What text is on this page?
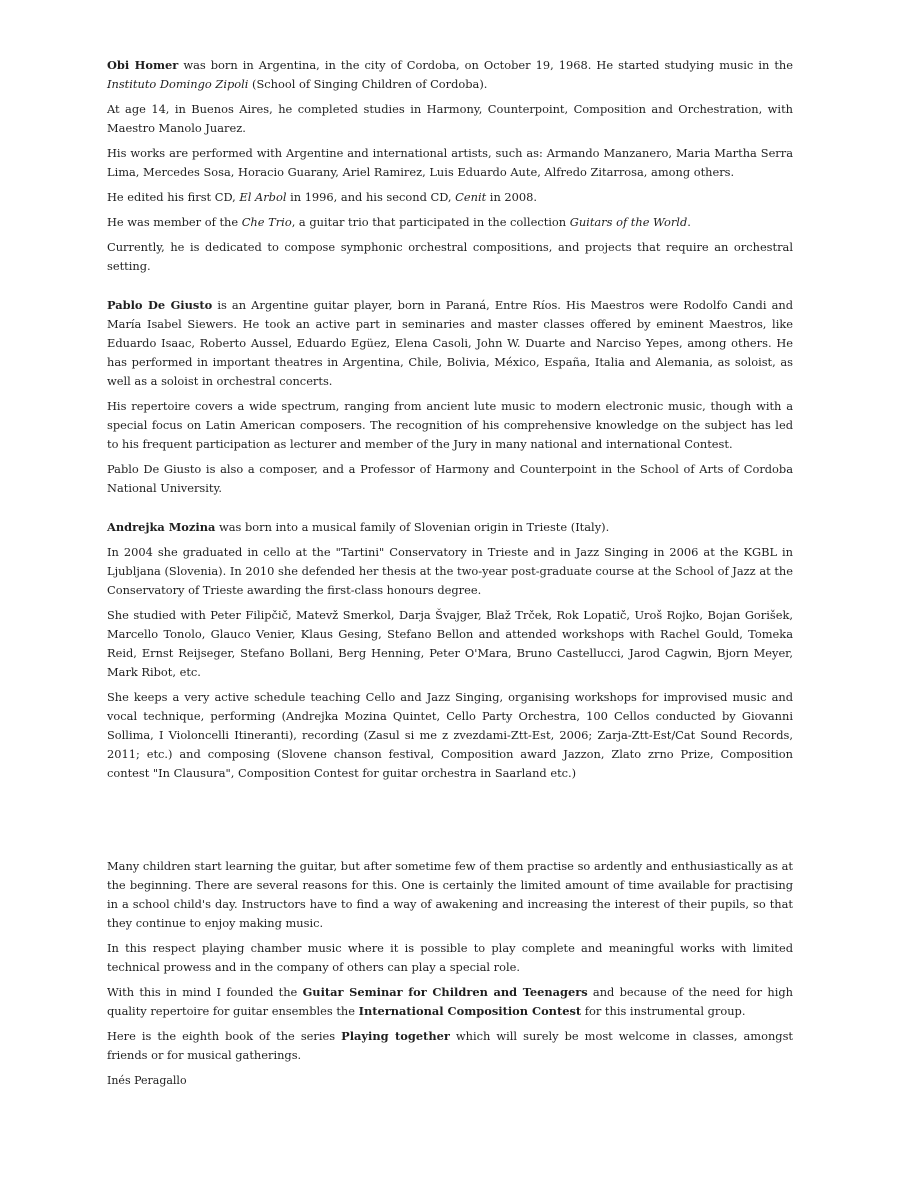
Obi Homer was born in Argentina, in the city of Cordoba, on October 19, 1968. He started studying music in the Instituto Domingo Zipoli (School of Singing Children of Cordoba).

At age 14, in Buenos Aires, he completed studies in Harmony, Counterpoint, Composition and Orchestration, with Maestro Manolo Juarez.

His works are performed with Argentine and international artists, such as: Armando Manzanero, Maria Martha Serra Lima, Mercedes Sosa, Horacio Guarany, Ariel Ramirez, Luis Eduardo Aute, Alfredo Zitarrosa, among others.

He edited his first CD, El Arbol in 1996, and his second CD, Cenit in 2008.

He was member of the Che Trio, a guitar trio that participated in the collection Guitars of the World.

Currently, he is dedicated to compose symphonic orchestral compositions, and projects that require an orchestral setting.

Pablo De Giusto is an Argentine guitar player, born in Paraná, Entre Ríos. His Maestros were Rodolfo Candi and María Isabel Siewers. He took an active part in seminaries and master classes offered by eminent Maestros, like Eduardo Isaac, Roberto Aussel, Eduardo Egüez, Elena Casoli, John W. Duarte and Narciso Yepes, among others. He has performed in important theatres in Argentina, Chile, Bolivia, México, España, Italia and Alemania, as soloist, as well as a soloist in orchestral concerts.

His repertoire covers a wide spectrum, ranging from ancient lute music to modern electronic music, though with a special focus on Latin American composers. The recognition of his comprehensive knowledge on the subject has led to his frequent participation as lecturer and member of the Jury in many national and international Contest.

Pablo De Giusto is also a composer, and a Professor of Harmony and Counterpoint in the School of Arts of Cordoba National University.

Andrejka Mozina was born into a musical family of Slovenian origin in Trieste (Italy).

In 2004 she graduated in cello at the "Tartini" Conservatory in Trieste and in Jazz Singing in 2006 at the KGBL in Ljubljana (Slovenia). In 2010 she defended her thesis at the two-year post-graduate course at the School of Jazz at the Conservatory of Trieste awarding the first-class honours degree.

She studied with Peter Filipčič, Matevž Smerkol, Darja Švajger, Blaž Trček, Rok Lopatič, Uroš Rojko, Bojan Gorišek, Marcello Tonolo, Glauco Venier, Klaus Gesing, Stefano Bellon and attended workshops with Rachel Gould, Tomeka Reid, Ernst Reijseger, Stefano Bollani, Berg Henning, Peter O'Mara, Bruno Castellucci, Jarod Cagwin, Bjorn Meyer, Mark Ribot, etc.

She keeps a very active schedule teaching Cello and Jazz Singing, organising workshops for improvised music and vocal technique, performing (Andrejka Mozina Quintet, Cello Party Orchestra, 100 Cellos conducted by Giovanni Sollima, I Violoncelli Itineranti), recording (Zasul si me z zvezdami-Ztt-Est, 2006; Zarja-Ztt-Est/Cat Sound Records, 2011; etc.) and composing (Slovene chanson festival, Composition award Jazzon, Zlato zrno Prize, Composition contest "In Clausura", Composition Contest for guitar orchestra in Saarland etc.)

Many children start learning the guitar, but after sometime few of them practise so ardently and enthusiastically as at the beginning. There are several reasons for this. One is certainly the limited amount of time available for practising in a school child's day. Instructors have to find a way of awakening and increasing the interest of their pupils, so that they continue to enjoy making music.

In this respect playing chamber music where it is possible to play complete and meaningful works with limited technical prowess and in the company of others can play a special role.

With this in mind I founded the Guitar Seminar for Children and Teenagers and because of the need for high quality repertoire for guitar ensembles the International Composition Contest for this instrumental group.

Here is the eighth book of the series Playing together which will surely be most welcome in classes, amongst friends or for musical gatherings.

Inés Peragallo
